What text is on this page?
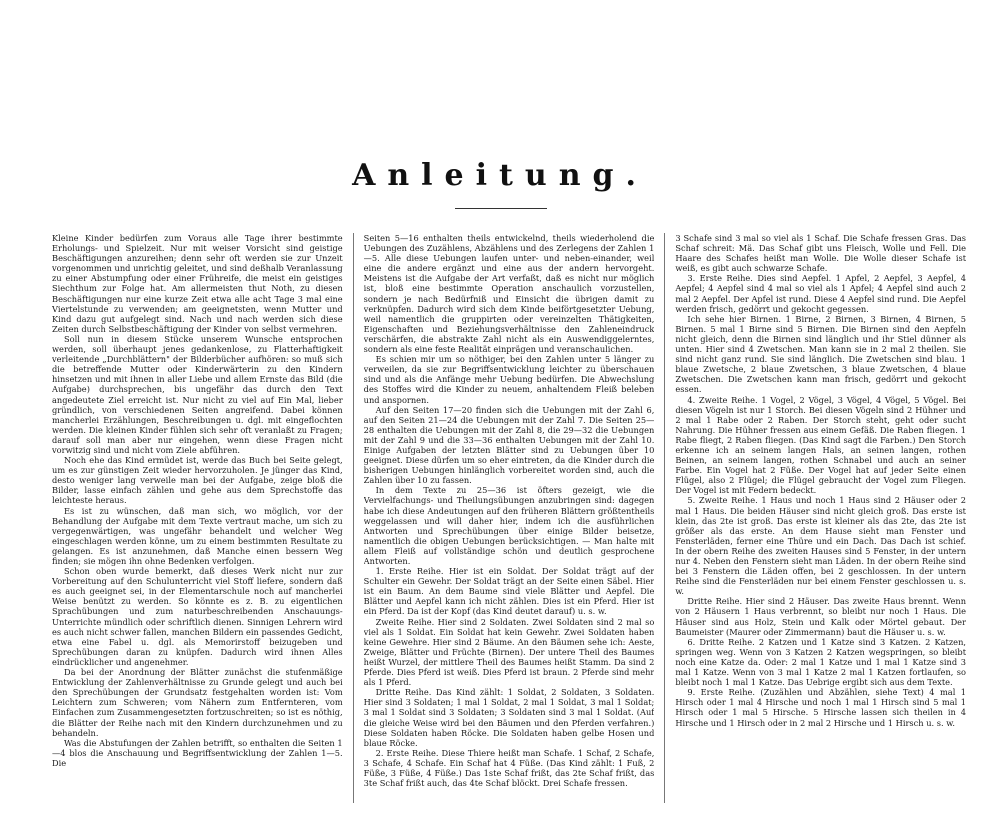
Anleitung.

Kleine Kinder bedürfen zum Voraus alle Tage ihrer bestimmte Erholungs- und Spielzeit. Nur mit weiser Vorsicht sind geistige Beschäftigungen anzureihen; denn sehr oft werden sie zur Unzeit vorgenommen und unrichtig geleitet, und sind deßhalb Veranlassung zu einer Abstumpfung oder einer Frühreife, die meist ein geistiges Siechthum zur Folge hat. Am allermeisten thut Noth, zu diesen Beschäftigungen nur eine kurze Zeit etwa alle acht Tage 3 mal eine Viertelstunde zu verwenden; am geeignetsten, wenn Mutter und Kind dazu gut aufgelegt sind. Nach und nach werden sich diese Zeiten durch Selbstbeschäftigung der Kinder von selbst vermehren.

Soll nun in diesem Stücke unserem Wunsche entsprochen werden, soll überhaupt jenes gedankenlose, zu Flatterhaftigkeit verleitende „Durchblättern" der Bilderbücher aufhören: so muß sich die betreffende Mutter oder Kinderwärterin zu den Kindern hinsetzen und mit ihnen in aller Liebe und allem Ernste das Bild (die Aufgabe) durchsprechen, bis ungefähr das durch den Text angedeutete Ziel erreicht ist. Nur nicht zu viel auf Ein Mal, lieber gründlich, von verschiedenen Seiten angreifend. Dabei können mancherlei Erzählungen, Beschreibungen u. dgl. mit eingeflochten werden. Die kleinen Kinder fühlen sich sehr oft veranlaßt zu Fragen; darauf soll man aber nur eingehen, wenn diese Fragen nicht vorwitzig sind und nicht vom Ziele abführen.

Noch ehe das Kind ermüdet ist, werde das Buch bei Seite gelegt, um es zur günstigen Zeit wieder hervorzuholen. Je jünger das Kind, desto weniger lang verweile man bei der Aufgabe, zeige bloß die Bilder, lasse einfach zählen und gehe aus dem Sprechstoffe das leichteste heraus.

Es ist zu wünschen, daß man sich, wo möglich, vor der Behandlung der Aufgabe mit dem Texte vertraut mache, um sich zu vergegenwärtigen, was ungefähr behandelt und welcher Weg eingeschlagen werden könne, um zu einem bestimmten Resultate zu gelangen. Es ist anzunehmen, daß Manche einen bessern Weg finden; sie mögen ihn ohne Bedenken verfolgen.

Schon oben wurde bemerkt, daß dieses Werk nicht nur zur Vorbereitung auf den Schulunterricht viel Stoff liefere, sondern daß es auch geeignet sei, in der Elementarschule noch auf mancherlei Weise benützt zu werden. So könnte es z. B. zu eigentlichen Sprachübungen und zum naturbeschreibenden Anschauungs-Unterrichte mündlich oder schriftlich dienen. Sinnigen Lehrern wird es auch nicht schwer fallen, manchen Bildern ein passendes Gedicht, etwa eine Fabel u. dgl. als Memorirstoff beizugeben und Sprechübungen daran zu knüpfen. Dadurch wird ihnen Alles eindrücklicher und angenehmer.

Da bei der Anordnung der Blätter zunächst die stufenmäßige Entwicklung der Zahlenverhältnisse zu Grunde gelegt und auch bei den Sprechübungen der Grundsatz festgehalten worden ist: Vom Leichtern zum Schweren; vom Nähern zum Entfernteren, vom Einfachen zum Zusammengesetzten fortzuschreiten; so ist es nöthig, die Blätter der Reihe nach mit den Kindern durchzunehmen und zu behandeln.

Was die Abstufungen der Zahlen betrifft, so enthalten die Seiten 1—4 blos die Anschauung und Begriffsentwicklung der Zahlen 1—5. Die

Seiten 5—16 enthalten theils entwickelnd, theils wiederholend die Uebungen des Zuzählens, Abzählens und des Zerlegens der Zahlen 1—5. Alle diese Uebungen laufen unter- und neben-einander, weil eine die andere ergänzt und eine aus der andern hervorgeht. Meistens ist die Aufgabe der Art verfaßt, daß es nicht nur möglich ist, bloß eine bestimmte Operation anschaulich vorzustellen, sondern je nach Bedürfniß und Einsicht die übrigen damit zu verknüpfen. Dadurch wird sich dem Kinde beiförtgesetzter Uebung, weil namentlich die gruppirten oder vereinzelten Thätigkeiten, Eigenschaften und Beziehungsverhältnisse den Zahleneindruck verschärfen, die abstrakte Zahl nicht als ein Auswendiggelerntes, sondern als eine feste Realität einprägen und veranschaulichen.

Es schien mir um so nöthiger, bei den Zahlen unter 5 länger zu verweilen, da sie zur Begriffsentwicklung leichter zu überschauen sind und als die Anfänge mehr Uebung bedürfen. Die Abwechslung des Stoffes wird die Kinder zu neuem, anhaltendem Fleiß beleben und anspornen.

Auf den Seiten 17—20 finden sich die Uebungen mit der Zahl 6, auf den Seiten 21—24 die Uebungen mit der Zahl 7. Die Seiten 25—28 enthalten die Uebungen mit der Zahl 8, die 29—32 die Uebungen mit der Zahl 9 und die 33—36 enthalten Uebungen mit der Zahl 10. Einige Aufgaben der letzten Blätter sind zu Uebungen über 10 geeignet. Diese dürfen um so eher eintreten, da die Kinder durch die bisherigen Uebungen hinlänglich vorbereitet worden sind, auch die Zahlen über 10 zu fassen.

In dem Texte zu 25—36 ist öfters gezeigt, wie die Vervielfachungs- und Theilungsübungen anzubringen sind: dagegen habe ich diese Andeutungen auf den früheren Blättern größtentheils weggelassen und will daher hier, indem ich die ausführlichen Antworten und Sprechübungen über einige Bilder beisetze, namentlich die obigen Uebungen berücksichtigen. — Man halte mit allem Fleiß auf vollständige schön und deutlich gesprochene Antworten.

1. Erste Reihe. Hier ist ein Soldat. Der Soldat trägt auf der Schulter ein Gewehr. Der Soldat trägt an der Seite einen Säbel. Hier ist ein Baum. An dem Baume sind viele Blätter und Aepfel. Die Blätter und Aepfel kann ich nicht zählen. Dies ist ein Pferd. Hier ist ein Pferd. Da ist der Kopf (das Kind deutet darauf) u. s. w.

Zweite Reihe. Hier sind 2 Soldaten. Zwei Soldaten sind 2 mal so viel als 1 Soldat. Ein Soldat hat kein Gewehr. Zwei Soldaten haben keine Gewehre. Hier sind 2 Bäume. An den Bäumen sehe ich: Aeste, Zweige, Blätter und Früchte (Birnen). Der untere Theil des Baumes heißt Wurzel, der mittlere Theil des Baumes heißt Stamm. Da sind 2 Pferde. Dies Pferd ist weiß. Dies Pferd ist braun. 2 Pferde sind mehr als 1 Pferd.

Dritte Reihe. Das Kind zählt: 1 Soldat, 2 Soldaten, 3 Soldaten. Hier sind 3 Soldaten; 1 mal 1 Soldat, 2 mal 1 Soldat, 3 mal 1 Soldat; 3 mal 1 Soldat sind 3 Soldaten; 3 Soldaten sind 3 mal 1 Soldat. (Auf die gleiche Weise wird bei den Bäumen und den Pferden verfahren.) Diese Soldaten haben Röcke. Die Soldaten haben gelbe Hosen und blaue Röcke.

2. Erste Reihe. Diese Thiere heißt man Schafe. 1 Schaf, 2 Schafe, 3 Schafe, 4 Schafe. Ein Schaf hat 4 Füße. (Das Kind zählt: 1 Fuß, 2 Füße, 3 Füße, 4 Füße.) Das 1ste Schaf frißt, das 2te Schaf frißt, das 3te Schaf frißt auch, das 4te Schaf blöckt. Drei Schafe fressen.

3 Schafe sind 3 mal so viel als 1 Schaf. Die Schafe fressen Gras. Das Schaf schreit: Mä. Das Schaf gibt uns Fleisch, Wolle und Fell. Die Haare des Schafes heißt man Wolle. Die Wolle dieser Schafe ist weiß, es gibt auch schwarze Schafe.

3. Erste Reihe. Dies sind Aepfel. 1 Apfel, 2 Aepfel, 3 Aepfel, 4 Aepfel; 4 Aepfel sind 4 mal so viel als 1 Apfel; 4 Aepfel sind auch 2 mal 2 Aepfel. Der Apfel ist rund. Diese 4 Aepfel sind rund. Die Aepfel werden frisch, gedörrt und gekocht gegessen.

Ich sehe hier Birnen. 1 Birne, 2 Birnen, 3 Birnen, 4 Birnen, 5 Birnen. 5 mal 1 Birne sind 5 Birnen. Die Birnen sind den Aepfeln nicht gleich, denn die Birnen sind länglich und ihr Stiel dünner als unten. Hier sind 4 Zwetschen. Man kann sie in 2 mal 2 theilen. Sie sind nicht ganz rund. Sie sind länglich. Die Zwetschen sind blau. 1 blaue Zwetsche, 2 blaue Zwetschen, 3 blaue Zwetschen, 4 blaue Zwetschen. Die Zwetschen kann man frisch, gedörrt und gekocht essen.

4. Zweite Reihe. 1 Vogel, 2 Vögel, 3 Vögel, 4 Vögel, 5 Vögel. Bei diesen Vögeln ist nur 1 Storch. Bei diesen Vögeln sind 2 Hühner und 2 mal 1 Rabe oder 2 Raben. Der Storch steht, geht oder sucht Nahrung. Die Hühner fressen aus einem Gefäß. Die Raben fliegen. 1 Rabe fliegt, 2 Raben fliegen. (Das Kind sagt die Farben.) Den Storch erkenne ich an seinem langen Hals, an seinen langen, rothen Beinen, an seinem langen, rothen Schnabel und auch an seiner Farbe. Ein Vogel hat 2 Füße. Der Vogel hat auf jeder Seite einen Flügel, also 2 Flügel; die Flügel gebraucht der Vogel zum Fliegen. Der Vogel ist mit Federn bedeckt.

5. Zweite Reihe. 1 Haus und noch 1 Haus sind 2 Häuser oder 2 mal 1 Haus. Die beiden Häuser sind nicht gleich groß. Das erste ist klein, das 2te ist groß. Das erste ist kleiner als das 2te, das 2te ist größer als das erste. An dem Hause sieht man Fenster und Fensterläden, ferner eine Thüre und ein Dach. Das Dach ist schief. In der obern Reihe des zweiten Hauses sind 5 Fenster, in der untern nur 4. Neben den Fenstern sieht man Läden. In der obern Reihe sind bei 3 Fenstern die Läden offen, bei 2 geschlossen. In der untern Reihe sind die Fensterläden nur bei einem Fenster geschlossen u. s. w.

Dritte Reihe. Hier sind 2 Häuser. Das zweite Haus brennt. Wenn von 2 Häusern 1 Haus verbrennt, so bleibt nur noch 1 Haus. Die Häuser sind aus Holz, Stein und Kalk oder Mörtel gebaut. Der Baumeister (Maurer oder Zimmermann) baut die Häuser u. s. w.

6. Dritte Reihe. 2 Katzen und 1 Katze sind 3 Katzen. 2 Katzen, springen weg. Wenn von 3 Katzen 2 Katzen wegspringen, so bleibt noch eine Katze da. Oder: 2 mal 1 Katze und 1 mal 1 Katze sind 3 mal 1 Katze. Wenn von 3 mal 1 Katze 2 mal 1 Katzen fortlaufen, so bleibt noch 1 mal 1 Katze. Das Uebrige ergibt sich aus dem Texte.

9. Erste Reihe. (Zuzählen und Abzählen, siehe Text) 4 mal 1 Hirsch oder 1 mal 4 Hirsche und noch 1 mal 1 Hirsch sind 5 mal 1 Hirsch oder 1 mal 5 Hirsche. 5 Hirsche lassen sich theilen in 4 Hirsche und 1 Hirsch oder in 2 mal 2 Hirsche und 1 Hirsch u. s. w.
